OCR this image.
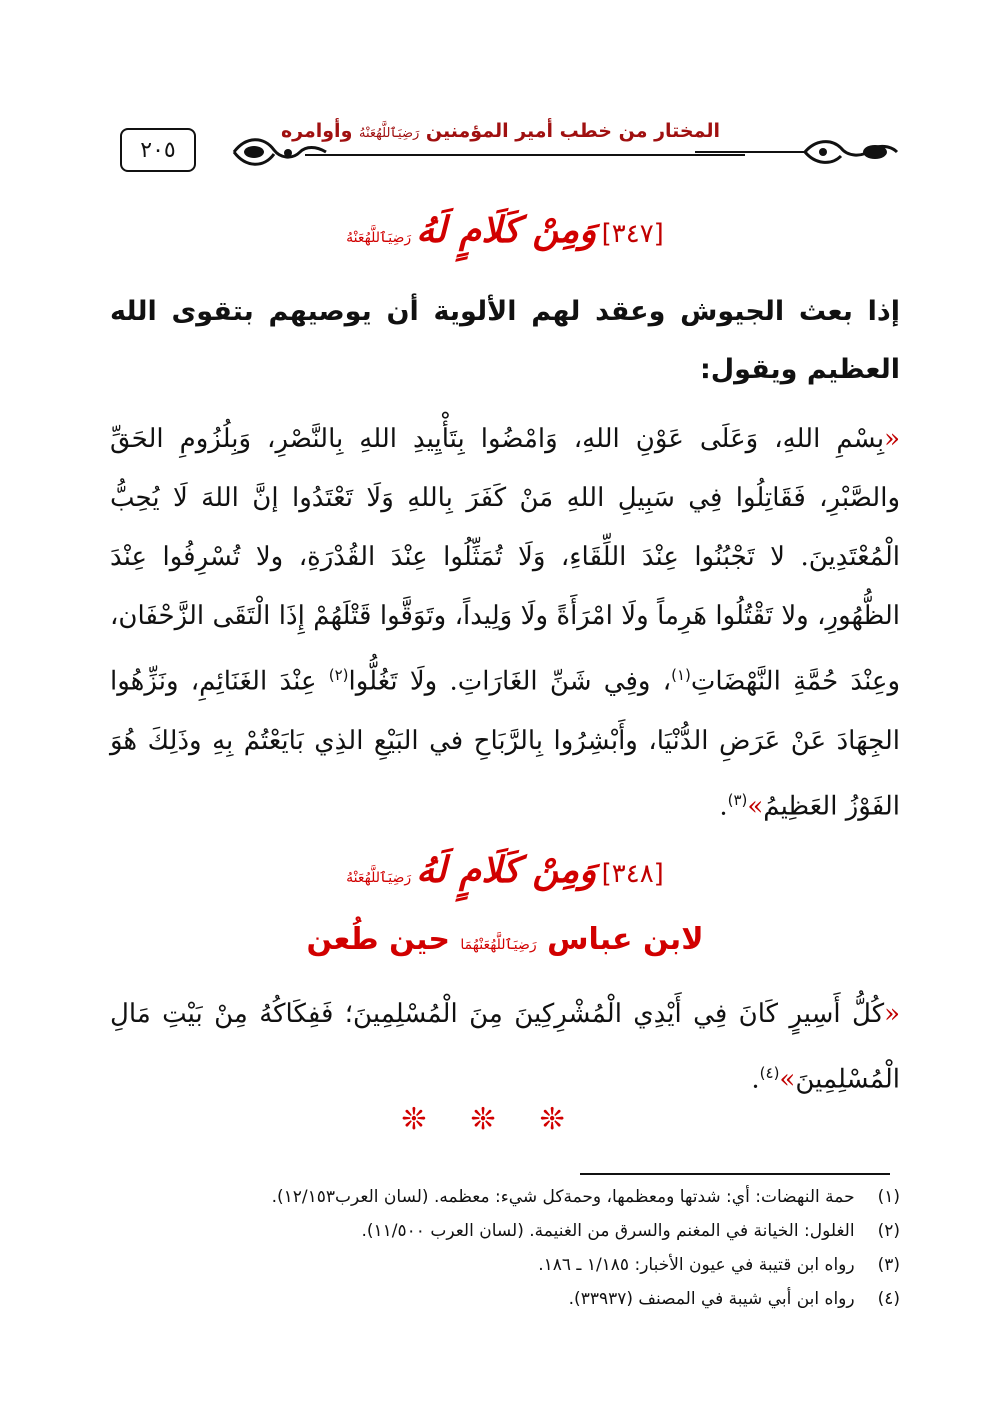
٢٠٥
المختار من خطب أمير المؤمنين رَضِيَٱللَّهُعَنْهُ وأوامره
[٣٤٧] وَمِنْ كَلَامٍ لَهُ رَضِيَٱللَّهُعَنْهُ
إذا بعث الجيوش وعقد لهم الألوية أن يوصيهم بتقوى الله العظيم ويقول:
«بِسْمِ اللهِ، وَعَلَى عَوْنِ اللهِ، وَامْضُوا بِتَأْيِيدِ اللهِ بِالنَّصْرِ، وَبِلُزُومِ الحَقِّ والصَّبْرِ، فَقَاتِلُوا فِي سَبِيلِ اللهِ مَنْ كَفَرَ بِاللهِ وَلَا تَعْتَدُوا إنَّ اللهَ لَا يُحِبُّ الْمُعْتَدِينَ. لا تَجْبُنُوا عِنْدَ اللِّقَاءِ، وَلَا تُمَثِّلُوا عِنْدَ القُدْرَةِ، ولا تُسْرِفُوا عِنْدَ الظُّهُورِ، ولا تَقْتُلُوا هَرِماً ولَا امْرَأَةً ولَا وَلِيداً، وتَوَقَّوا قَتْلَهُمْ إِذَا الْتَقَى الزَّحْفَان، وعِنْدَ حُمَّةِ النَّهْضَاتِ$^{(١)}$، وفِي شَنِّ الغَارَاتِ. ولَا تَغُلُّوا$^{(٢)}$ عِنْدَ الغَنَائِمِ، ونَزِّهُوا الجِهَادَ عَنْ عَرَضِ الدُّنْيَا، وأَبْشِرُوا بِالرَّبَاحِ في البَيْعِ الذِي بَايَعْتُمْ بِهِ وذَلِكَ هُوَ الفَوْزُ العَظِيمُ»$^{(٣)}$.
[٣٤٨] وَمِنْ كَلَامٍ لَهُ رَضِيَٱللَّهُعَنْهُ
لابن عباس رَضِيَٱللَّهُعَنْهُمَا حين طُعن
«كُلُّ أَسِيرٍ كَانَ فِي أَيْدِي الْمُشْرِكِينَ مِنَ الْمُسْلِمِينَ؛ فَفِكَاكُهُ مِنْ بَيْتِ مَالِ الْمُسْلِمِينَ»$^{(٤)}$.
❊❊❊
(١) حمة النهضات: أي: شدتها ومعظمها، وحمةكل شيء: معظمه. (لسان العرب١٢/١٥٣).
(٢) الغلول: الخيانة في المغنم والسرق من الغنيمة. (لسان العرب ١١/٥٠٠).
(٣) رواه ابن قتيبة في عيون الأخبار: ١/١٨٥ ـ ١٨٦.
(٤) رواه ابن أبي شيبة في المصنف (٣٣٩٣٧).
